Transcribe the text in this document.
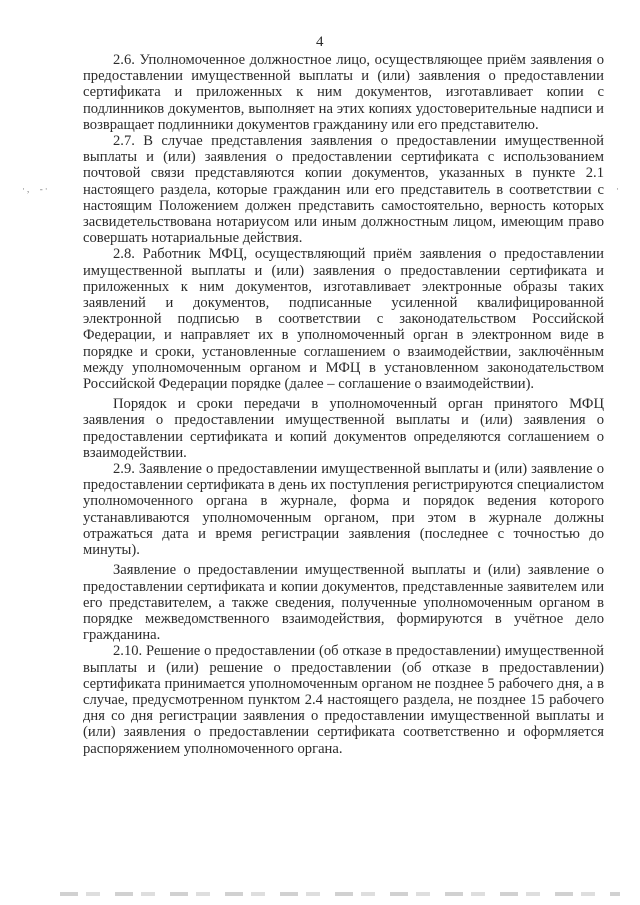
4
·,  -·	·

2.6. Уполномоченное должностное лицо, осуществляющее приём заявления о предоставлении имущественной выплаты и (или) заявления о предоставлении сертификата и приложенных к ним документов, изготавливает копии с подлинников документов, выполняет на этих копиях удостоверительные надписи и возвращает подлинники документов гражданину или его представителю.

2.7. В случае представления заявления о предоставлении имущественной выплаты и (или) заявления о предоставлении сертификата с использованием почтовой связи представляются копии документов, указанных в пункте 2.1 настоящего раздела, которые гражданин или его представитель в соответствии с настоящим Положением должен представить самостоятельно, верность которых засвидетельствована нотариусом или иным должностным лицом, имеющим право совершать нотариальные действия.

2.8. Работник МФЦ, осуществляющий приём заявления о предоставлении имущественной выплаты и (или) заявления о предоставлении сертификата и приложенных к ним документов, изготавливает электронные образы таких заявлений и документов, подписанные усиленной квалифицированной электронной подписью в соответствии с законодательством Российской Федерации, и направляет их в уполномоченный орган в электронном виде в порядке и сроки, установленные соглашением о взаимодействии, заключённым между уполномоченным органом и МФЦ в установленном законодательством Российской Федерации порядке (далее – соглашение о взаимодействии).

Порядок и сроки передачи в уполномоченный орган принятого МФЦ заявления о предоставлении имущественной выплаты и (или) заявления о предоставлении сертификата и копий документов определяются соглашением о взаимодействии.

2.9. Заявление о предоставлении имущественной выплаты и (или) заявление о предоставлении сертификата в день их поступления регистрируются специалистом уполномоченного органа в журнале, форма и порядок ведения которого устанавливаются уполномоченным органом, при этом в журнале должны отражаться дата и время регистрации заявления (последнее с точностью до минуты).

Заявление о предоставлении имущественной выплаты и (или) заявление о предоставлении сертификата и копии документов, представленные заявителем или его представителем, а также сведения, полученные уполномоченным органом в порядке межведомственного взаимодействия, формируются в учётное дело гражданина.

2.10. Решение о предоставлении (об отказе в предоставлении) имущественной выплаты и (или) решение о предоставлении (об отказе в предоставлении) сертификата принимается уполномоченным органом не позднее 5 рабочего дня, а в случае, предусмотренном пунктом 2.4 настоящего раздела, не позднее 15 рабочего дня со дня регистрации заявления о предоставлении имущественной выплаты и (или) заявления о предоставлении сертификата соответственно и оформляется распоряжением уполномоченного органа.
